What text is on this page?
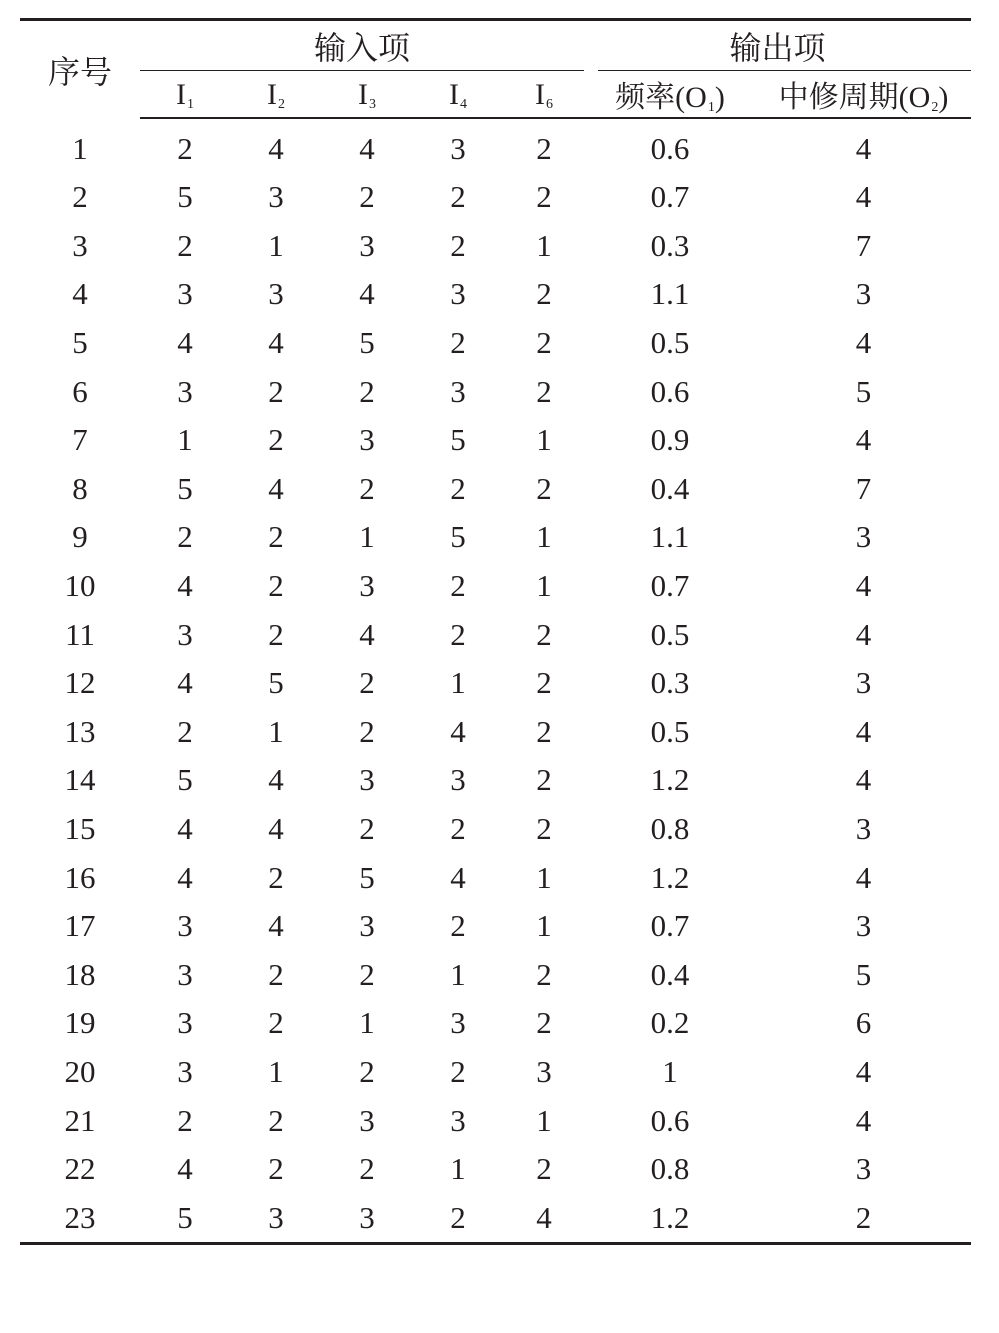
序号	输入项					输出项	

	$I_1$	$I_2$	$I_3$	$I_4$	$I_6$	频率$(O_1)$	中修周期$(O_2)$
1	2	4	4	3	2	0.6	4
2	5	3	2	2	2	0.7	4
3	2	1	3	2	1	0.3	7
4	3	3	4	3	2	1.1	3
5	4	4	5	2	2	0.5	4
6	3	2	2	3	2	0.6	5
7	1	2	3	5	1	0.9	4
8	5	4	2	2	2	0.4	7
9	2	2	1	5	1	1.1	3
10	4	2	3	2	1	0.7	4
11	3	2	4	2	2	0.5	4
12	4	5	2	1	2	0.3	3
13	2	1	2	4	2	0.5	4
14	5	4	3	3	2	1.2	4
15	4	4	2	2	2	0.8	3
16	4	2	5	4	1	1.2	4
17	3	4	3	2	1	0.7	3
18	3	2	2	1	2	0.4	5
19	3	2	1	3	2	0.2	6
20	3	1	2	2	3	1	4
21	2	2	3	3	1	0.6	4
22	4	2	2	1	2	0.8	3
23	5	3	3	2	4	1.2	2
